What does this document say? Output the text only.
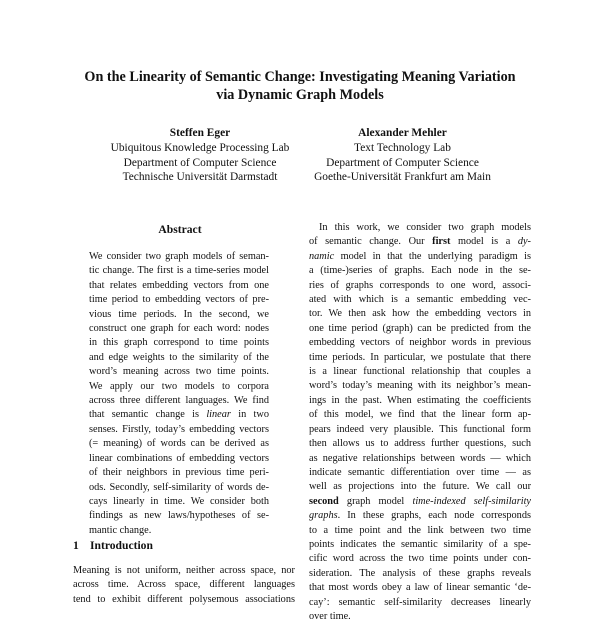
On the Linearity of Semantic Change: Investigating Meaning Variation
via Dynamic Graph Models
Steffen Eger
Ubiquitous Knowledge Processing Lab
Department of Computer Science
Technische Universität Darmstadt
Alexander Mehler
Text Technology Lab
Department of Computer Science
Goethe-Universität Frankfurt am Main
Abstract
We consider two graph models of seman-
tic change. The first is a time-series model
that relates embedding vectors from one
time period to embedding vectors of pre-
vious time periods. In the second, we
construct one graph for each word: nodes
in this graph correspond to time points
and edge weights to the similarity of the
word’s meaning across two time points.
We apply our two models to corpora
across three different languages. We find
that semantic change is linear in two
senses. Firstly, today’s embedding vectors
(= meaning) of words can be derived as
linear combinations of embedding vectors
of their neighbors in previous time peri-
ods. Secondly, self-similarity of words de-
cays linearly in time. We consider both
findings as new laws/hypotheses of se-
mantic change.
1 Introduction
Meaning is not uniform, neither across space, nor
across time. Across space, different languages
tend to exhibit different polysemous associations
In this work, we consider two graph models
of semantic change. Our first model is a dy-
namic model in that the underlying paradigm is
a (time-)series of graphs. Each node in the se-
ries of graphs corresponds to one word, associ-
ated with which is a semantic embedding vec-
tor. We then ask how the embedding vectors in
one time period (graph) can be predicted from the
embedding vectors of neighbor words in previous
time periods. In particular, we postulate that there
is a linear functional relationship that couples a
word’s today’s meaning with its neighbor’s mean-
ings in the past. When estimating the coefficients
of this model, we find that the linear form ap-
pears indeed very plausible. This functional form
then allows us to address further questions, such
as negative relationships between words — which
indicate semantic differentiation over time — as
well as projections into the future. We call our
second graph model time-indexed self-similarity
graphs. In these graphs, each node corresponds
to a time point and the link between two time
points indicates the semantic similarity of a spe-
cific word across the two time points under con-
sideration. The analysis of these graphs reveals
that most words obey a law of linear semantic ‘de-
cay’: semantic self-similarity decreases linearly
over time.
